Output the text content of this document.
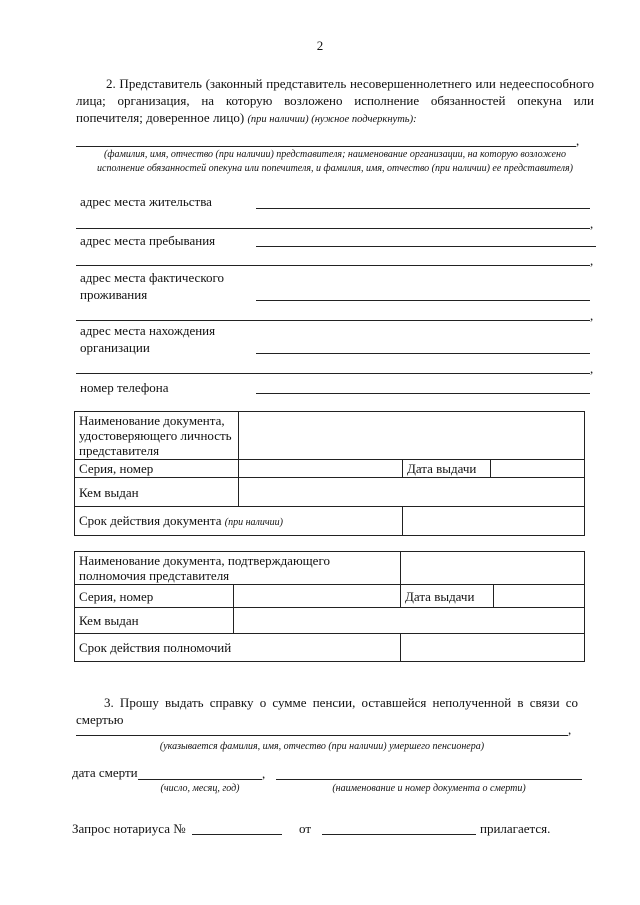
2
2. Представитель (законный представитель несовершеннолетнего или недееспособного лица; организация, на которую возложено исполнение обязанностей опекуна или попечителя; доверенное лицо) (при наличии) (нужное подчеркнуть):
,
(фамилия, имя, отчество (при наличии) представителя; наименование организации, на которую возложено
исполнение обязанностей опекуна или попечителя, и фамилия, имя, отчество (при наличии) ее представителя)
адрес места жительства
,
адрес места пребывания
,
адрес места фактического
проживания
,
адрес места нахождения
организации
,
номер телефона
Наименование документа, удостоверяющего личность представителя			
Серия, номер		Дата выдачи	
Кем выдан			
Срок действия документа (при наличии)			
Наименование документа, подтверждающего полномочия представителя			
Серия, номер		Дата выдачи	
Кем выдан			
Срок действия полномочий			
3. Прошу выдать справку о сумме пенсии, оставшейся неполученной в связи со смертью
,
(указывается фамилия, имя, отчество (при наличии) умершего пенсионера)
дата смерти	,
(число, месяц, год)	(наименование и номер документа о смерти)
Запрос нотариуса №	от	прилагается.
